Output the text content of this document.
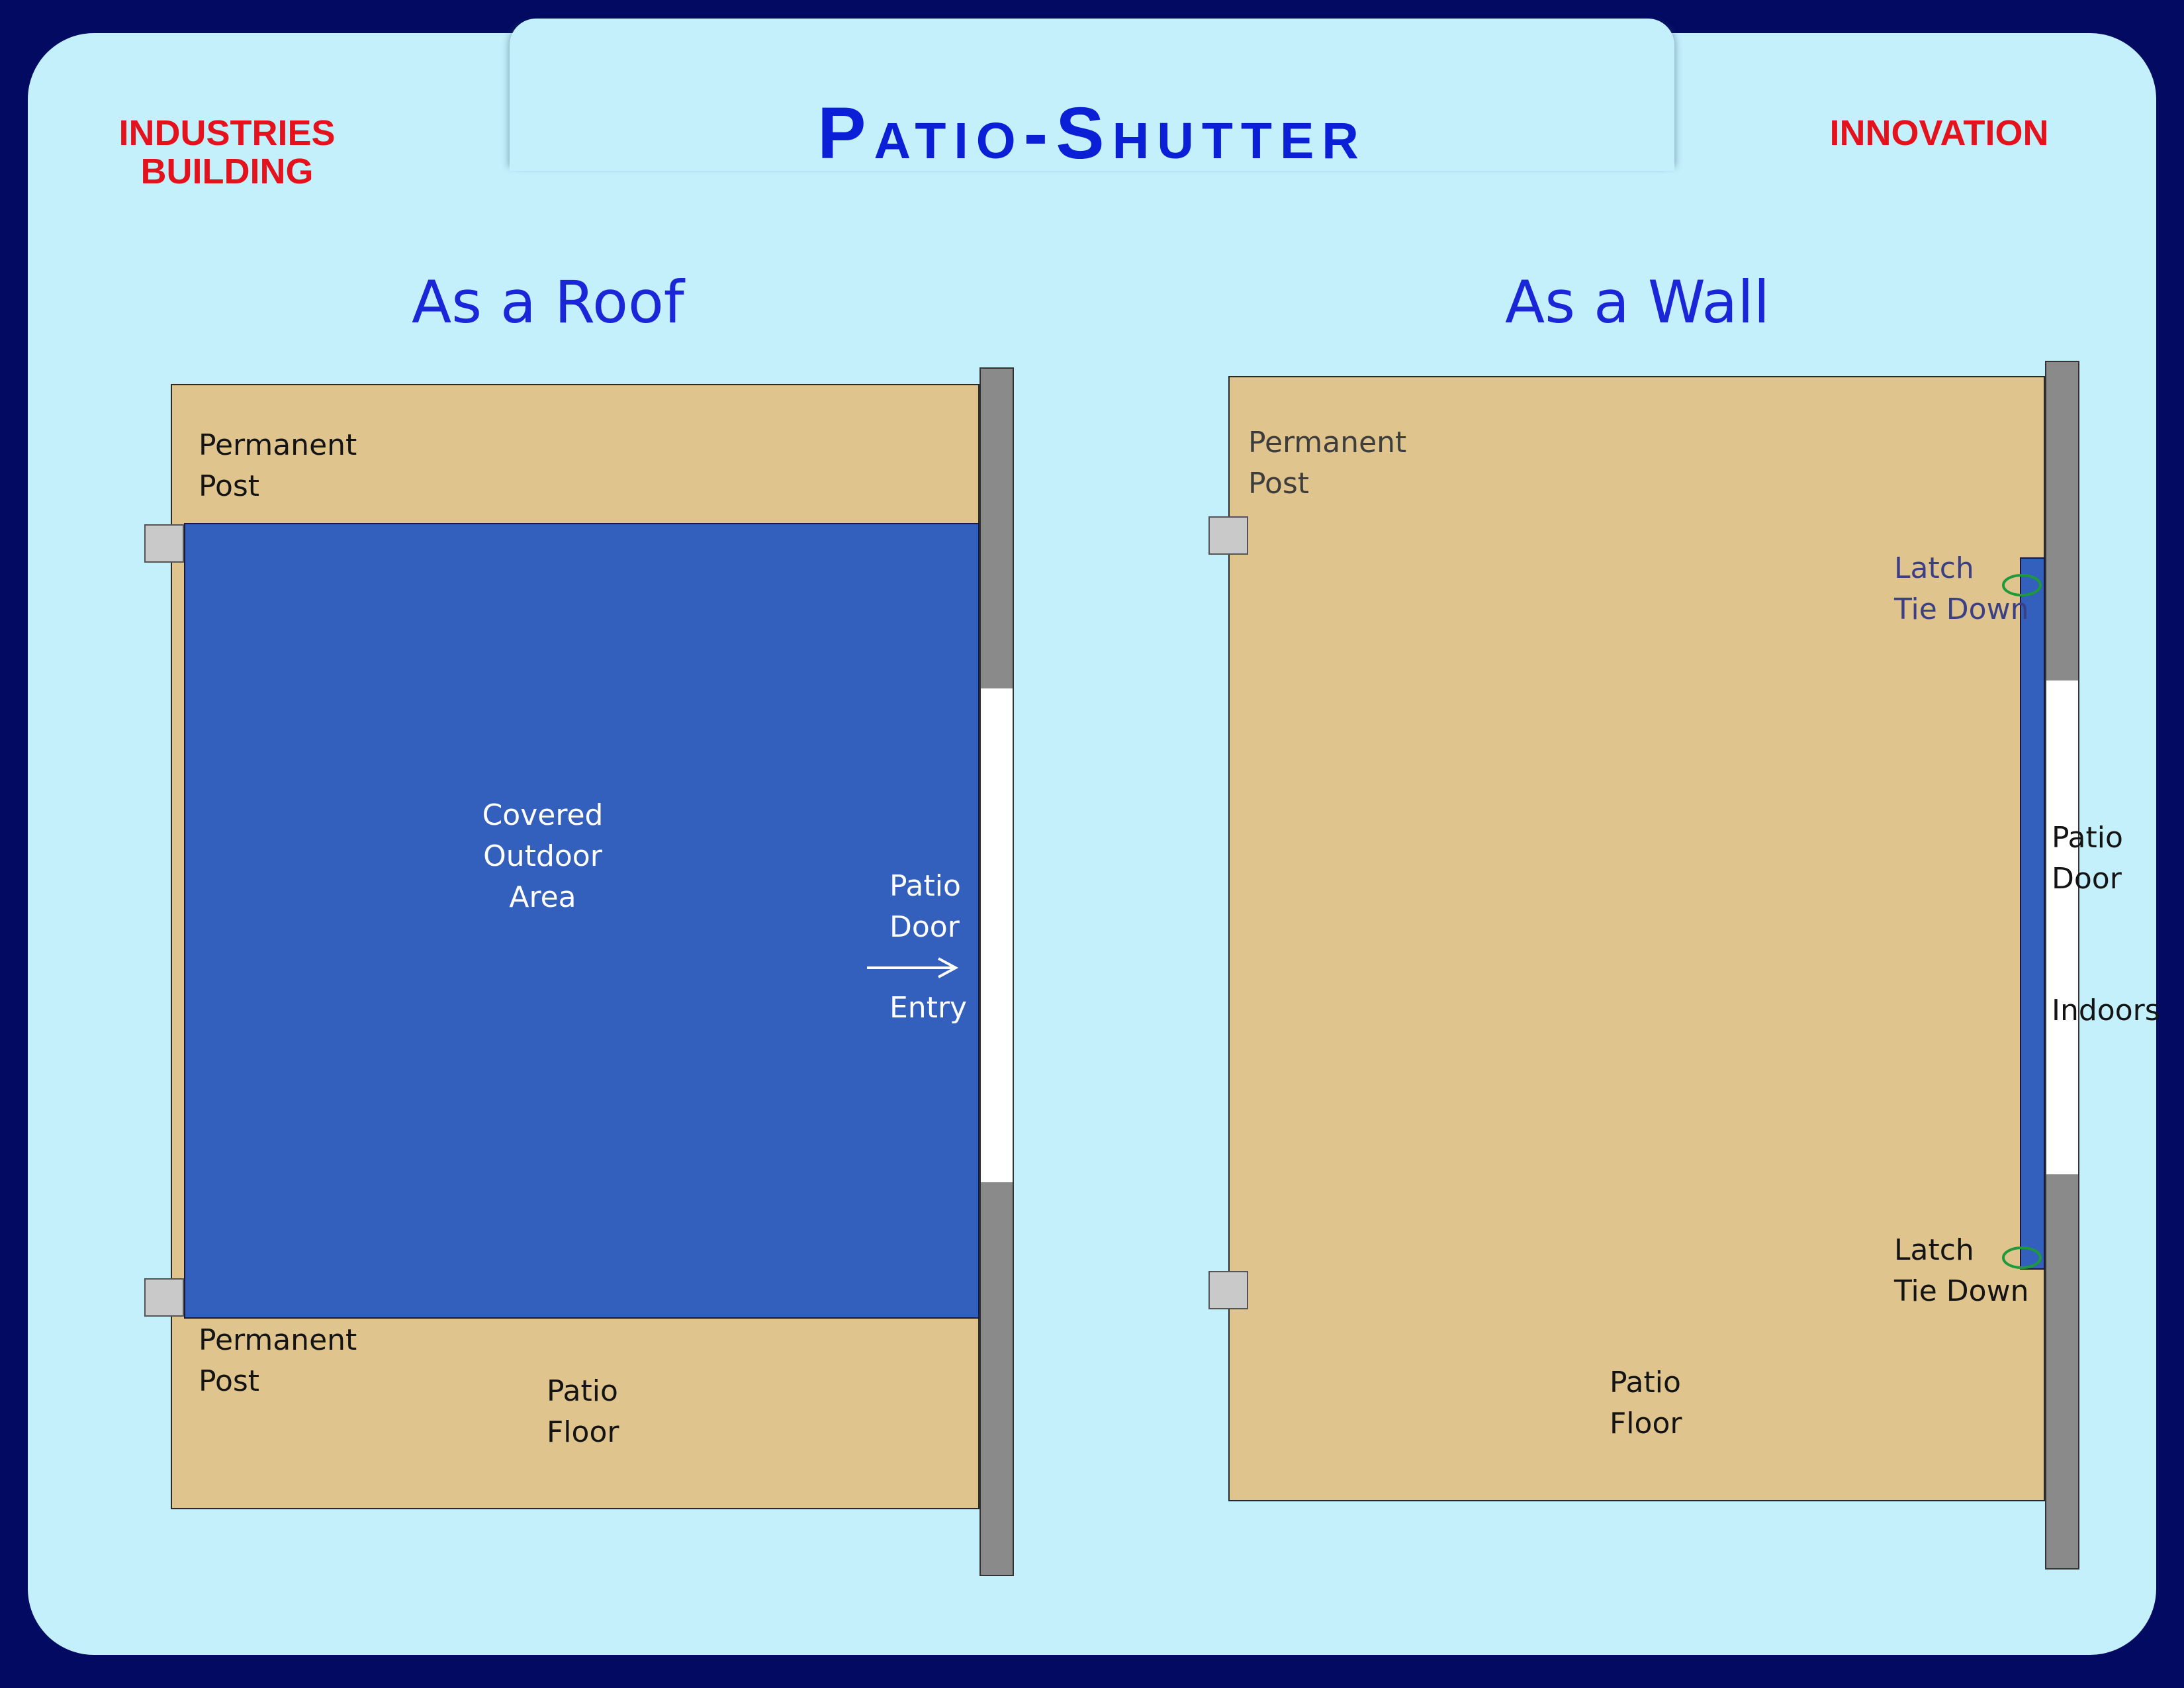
INDUSTRIES
BUILDING
INNOVATION
Patio-Shutter
As a Roof
Permanent
Post
Permanent
Post
Covered
Outdoor
Area	Patio
Door
Entry
Patio
Floor
As a Wall
Permanent
Post
Latch
Tie Down
Latch
Tie Down
Patio
Door
Indoors
Patio
Floor
